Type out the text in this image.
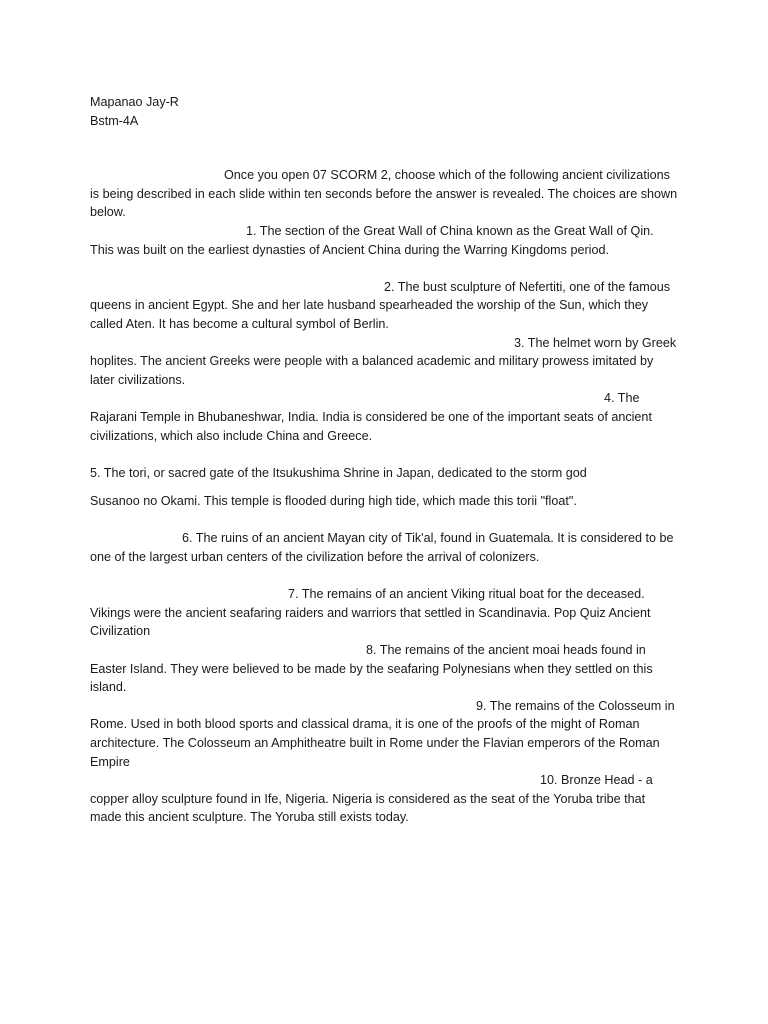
Mapanao Jay-R
Bstm-4A

Once you open 07 SCORM 2, choose which of the following ancient civilizations is being described in each slide within ten seconds before the answer is revealed. The choices are shown below.

1. The section of the Great Wall of China known as the Great Wall of Qin. This was built on the earliest dynasties of Ancient China during the Warring Kingdoms period.

2. The bust sculpture of Nefertiti, one of the famous queens in ancient Egypt. She and her late husband spearheaded the worship of the Sun, which they called Aten. It has become a cultural symbol of Berlin.

3. The helmet worn by Greek hoplites. The ancient Greeks were people with a balanced academic and military prowess imitated by later civilizations.

4. The Rajarani Temple in Bhubaneshwar, India. India is considered be one of the important seats of ancient civilizations, which also include China and Greece.

5. The tori, or sacred gate of the Itsukushima Shrine in Japan, dedicated to the storm god

Susanoo no Okami. This temple is flooded during high tide, which made this torii "float".

6. The ruins of an ancient Mayan city of Tik'al, found in Guatemala. It is considered to be one of the largest urban centers of the civilization before the arrival of colonizers.

7. The remains of an ancient Viking ritual boat for the deceased. Vikings were the ancient seafaring raiders and warriors that settled in Scandinavia. Pop Quiz Ancient Civilization

8. The remains of the ancient moai heads found in Easter Island. They were believed to be made by the seafaring Polynesians when they settled on this island.

9. The remains of the Colosseum in Rome. Used in both blood sports and classical drama, it is one of the proofs of the might of Roman architecture. The Colosseum an Amphitheatre built in Rome under the Flavian emperors of the Roman Empire

10. Bronze Head - a copper alloy sculpture found in Ife, Nigeria. Nigeria is considered as the seat of the Yoruba tribe that made this ancient sculpture. The Yoruba still exists today.
